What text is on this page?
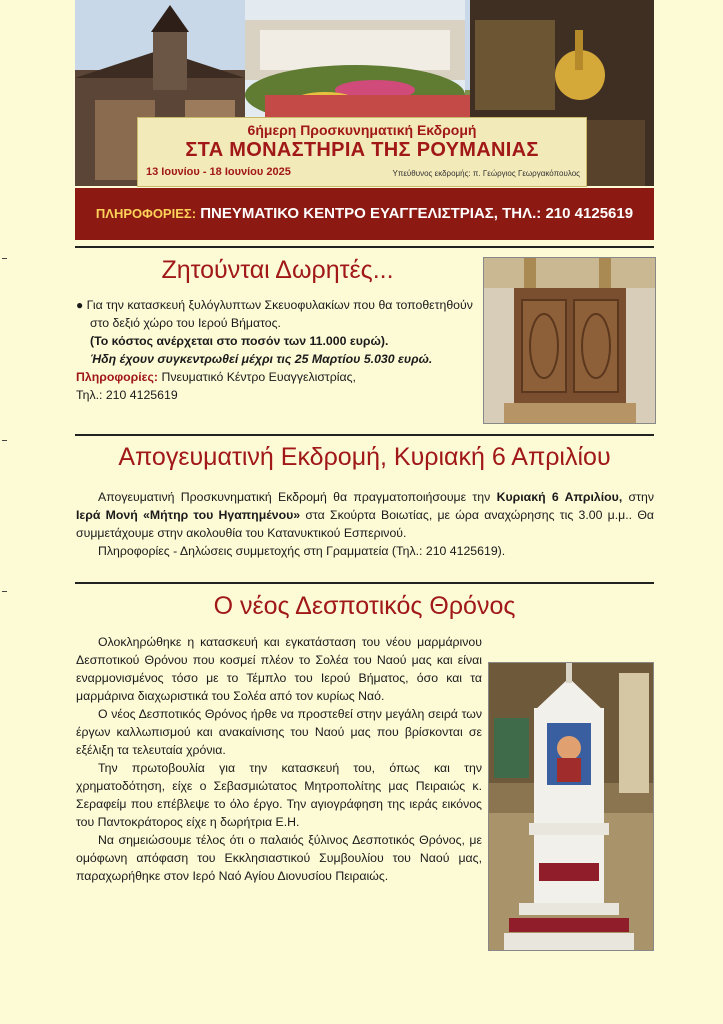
6ήμερη Προσκυνηματική Εκδρομή
ΣΤΑ ΜΟΝΑΣΤΗΡΙΑ ΤΗΣ ΡΟΥΜΑΝΙΑΣ
13 Ιουνίου - 18 Ιουνίου 2025	Υπεύθυνος εκδρομής: π. Γεώργιος Γεωργακόπουλος
ΠΛΗΡΟΦΟΡΙΕΣ: ΠΝΕΥΜΑΤΙΚΟ ΚΕΝΤΡΟ ΕΥΑΓΓΕΛΙΣΤΡΙΑΣ, ΤΗΛ.: 210 4125619
Ζητούνται Δωρητές...
● Για την κατασκευή ξυλόγλυπτων Σκευοφυλακίων που θα τοποθετηθούν στο δεξιό χώρο του Ιερού Βήματος.
(Το κόστος ανέρχεται στο ποσόν των 11.000 ευρώ).
Ήδη έχουν συγκεντρωθεί μέχρι τις 25 Μαρτίου 5.030 ευρώ.
Πληροφορίες: Πνευματικό Κέντρο Ευαγγελιστρίας,
Τηλ.: 210 4125619
Απογευματινή Εκδρομή, Κυριακή 6 Απριλίου

Απογευματινή Προσκυνηματική Εκδρομή θα πραγματοποιήσουμε την Κυριακή 6 Απριλίου, στην Ιερά Μονή «Μήτηρ του Ηγαπημένου» στα Σκούρτα Βοιωτίας, με ώρα αναχώρησης τις 3.00 μ.μ.. Θα συμμετάχουμε στην ακολουθία του Κατανυκτικού Εσπερινού.

Πληροφορίες - Δηλώσεις συμμετοχής στη Γραμματεία (Τηλ.: 210 4125619).

Ο νέος Δεσποτικός Θρόνος

Ολοκληρώθηκε η κατασκευή και εγκατάσταση του νέου μαρμάρινου Δεσποτικού Θρόνου που κοσμεί πλέον το Σολέα του Ναού μας και είναι εναρμονισμένος τόσο με το Τέμπλο του Ιερού Βήματος, όσο και τα μαρμάρινα διαχωριστικά του Σολέα από τον κυρίως Ναό.

Ο νέος Δεσποτικός Θρόνος ήρθε να προστεθεί στην μεγάλη σειρά των έργων καλλωπισμού και ανακαίνισης του Ναού μας που βρίσκονται σε εξέλιξη τα τελευταία χρόνια.

Την πρωτοβουλία για την κατασκευή του, όπως και την χρηματοδότηση, είχε ο Σεβασμιώτατος Μητροπολίτης μας Πειραιώς κ. Σεραφείμ που επέβλεψε το όλο έργο. Την αγιογράφηση της ιεράς εικόνος του Παντοκράτορος είχε η δωρήτρια Ε.Η.

Να σημειώσουμε τέλος ότι ο παλαιός ξύλινος Δεσποτικός Θρόνος, με ομόφωνη απόφαση του Εκκλησιαστικού Συμβουλίου του Ναού μας, παραχωρήθηκε στον Ιερό Ναό Αγίου Διονυσίου Πειραιώς.
